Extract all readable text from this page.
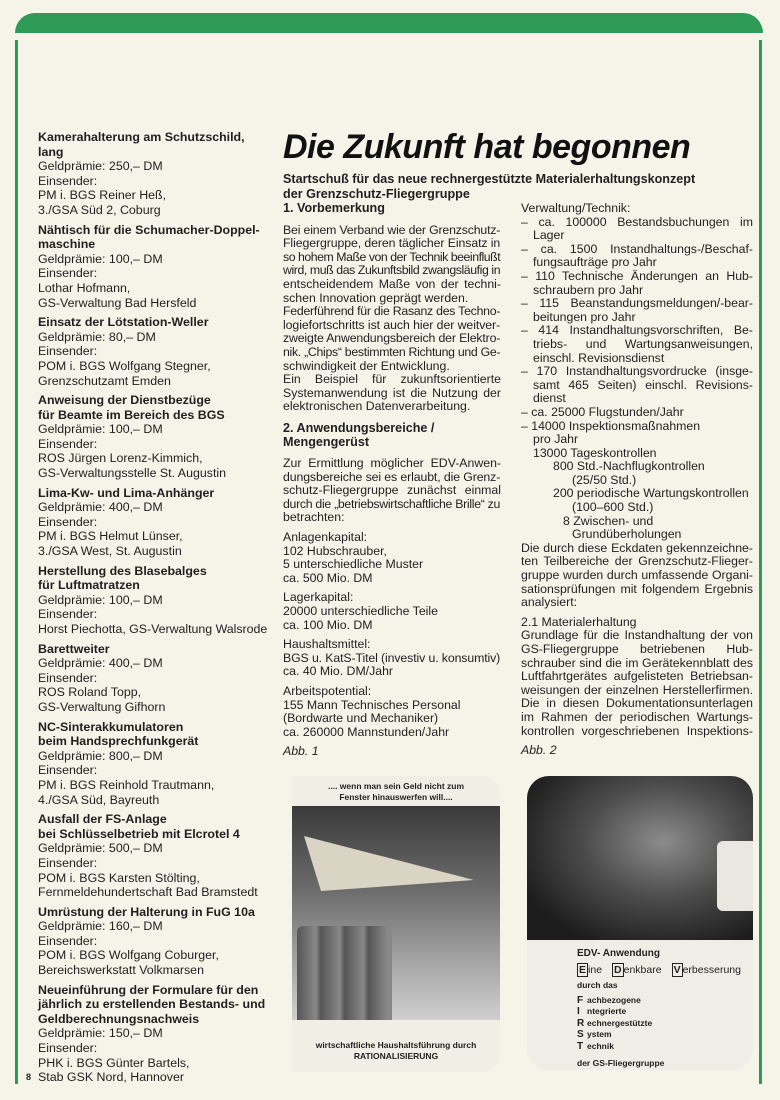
Kamerahalterung am Schutzschild,
lang
Geldprämie: 250,– DM
Einsender:
PM i. BGS Reiner Heß,
3./GSA Süd 2, Coburg
Nähtisch für die Schumacher-Doppel-
maschine
Geldprämie: 100,– DM
Einsender:
Lothar Hofmann,
GS-Verwaltung Bad Hersfeld
Einsatz der Lötstation-Weller
Geldprämie: 80,– DM
Einsender:
POM i. BGS Wolfgang Stegner,
Grenzschutzamt Emden
Anweisung der Dienstbezüge
für Beamte im Bereich des BGS
Geldprämie: 100,– DM
Einsender:
ROS Jürgen Lorenz-Kimmich,
GS-Verwaltungsstelle St. Augustin
Lima-Kw- und Lima-Anhänger
Geldprämie: 400,– DM
Einsender:
PM i. BGS Helmut Lünser,
3./GSA West, St. Augustin
Herstellung des Blasebalges
für Luftmatratzen
Geldprämie: 100,– DM
Einsender:
Horst Piechotta, GS-Verwaltung Walsrode
Barettweiter
Geldprämie: 400,– DM
Einsender:
ROS Roland Topp,
GS-Verwaltung Gifhorn
NC-Sinterakkumulatoren
beim Handsprechfunkgerät
Geldprämie: 800,– DM
Einsender:
PM i. BGS Reinhold Trautmann,
4./GSA Süd, Bayreuth
Ausfall der FS-Anlage
bei Schlüsselbetrieb mit Elcrotel 4
Geldprämie: 500,– DM
Einsender:
POM i. BGS Karsten Stölting,
Fernmeldehundertschaft Bad Bramstedt
Umrüstung der Halterung in FuG 10a
Geldprämie: 160,– DM
Einsender:
POM i. BGS Wolfgang Coburger,
Bereichswerkstatt Volkmarsen
Neueinführung der Formulare für den
jährlich zu erstellenden Bestands- und
Geldberechnungsnachweis
Geldprämie: 150,– DM
Einsender:
PHK i. BGS Günter Bartels,
Stab GSK Nord, Hannover
Die Zukunft hat begonnen
Startschuß für das neue rechnergestützte Materialerhaltungskonzept
der Grenzschutz-Fliegergruppe
1. Vorbemerkung
Bei einem Verband wie der Grenzschutz-
Fliegergruppe, deren täglicher Einsatz in
so hohem Maße von der Technik beeinflußt
wird, muß das Zukunftsbild zwangsläufig in
entscheidendem Maße von der techni-
schen Innovation geprägt werden.
Federführend für die Rasanz des Techno-
logiefortschritts ist auch hier der weitver-
zweigte Anwendungsbereich der Elektro-
nik. „Chips“ bestimmten Richtung und Ge-
schwindigkeit der Entwicklung.
Ein Beispiel für zukunftsorientierte
Systemanwendung ist die Nutzung der
elektronischen Datenverarbeitung.
2. Anwendungsbereiche /
Mengengerüst
Zur Ermittlung möglicher EDV-Anwen-
dungsbereiche sei es erlaubt, die Grenz-
schutz-Fliegergruppe zunächst einmal
durch die „betriebswirtschaftliche Brille“ zu
betrachten:
Anlagenkapital:
102 Hubschrauber,
5 unterschiedliche Muster
ca. 500 Mio. DM
Lagerkapital:
20000 unterschiedliche Teile
ca. 100 Mio. DM
Haushaltsmittel:
BGS u. KatS-Titel (investiv u. konsumtiv)
ca. 40 Mio. DM/Jahr
Arbeitspotential:
155 Mann Technisches Personal
(Bordwarte und Mechaniker)
ca. 260000 Mannstunden/Jahr
Abb. 1
Verwaltung/Technik:
– ca. 100000 Bestandsbuchungen im
Lager
– ca. 1500 Instandhaltungs-/Beschaf-
fungsaufträge pro Jahr
– 110 Technische Änderungen an Hub-
schraubern pro Jahr
– 115 Beanstandungsmeldungen/-bear-
beitungen pro Jahr
– 414 Instandhaltungsvorschriften, Be-
triebs- und Wartungsanweisungen,
einschl. Revisionsdienst
– 170 Instandhaltungsvordrucke (insge-
samt 465 Seiten) einschl. Revisions-
dienst
– ca. 25000 Flugstunden/Jahr
– 14000 Inspektionsmaßnahmen
pro Jahr
13000 Tageskontrollen
800 Std.-Nachflugkontrollen
(25/50 Std.)
200 periodische Wartungskontrollen
(100–600 Std.)
8 Zwischen- und
Grundüberholungen
Die durch diese Eckdaten gekennzeichne-
ten Teilbereiche der Grenzschutz-Flieger-
gruppe wurden durch umfassende Organi-
sationsprüfungen mit folgendem Ergebnis
analysiert:
2.1 Materialerhaltung
Grundlage für die Instandhaltung der von
GS-Fliegergruppe betriebenen Hub-
schrauber sind die im Gerätekennblatt des
Luftfahrtgerätes aufgelisteten Betriebsan-
weisungen der einzelnen Herstellerfirmen.
Die in diesen Dokumentationsunterlagen
im Rahmen der periodischen Wartungs-
kontrollen vorgeschriebenen Inspektions-
Abb. 2
.... wenn man sein Geld nicht zum
Fenster hinauswerfen will....
wirtschaftliche Haushaltsführung durch
RATIONALISIERUNG
EDV- Anwendung
E ine D enkbare V erbesserung
durch das
F achbezogene
I ntegrierte
R echnergestützte
S ystem
T echnik
der GS-Fliegergruppe
8
